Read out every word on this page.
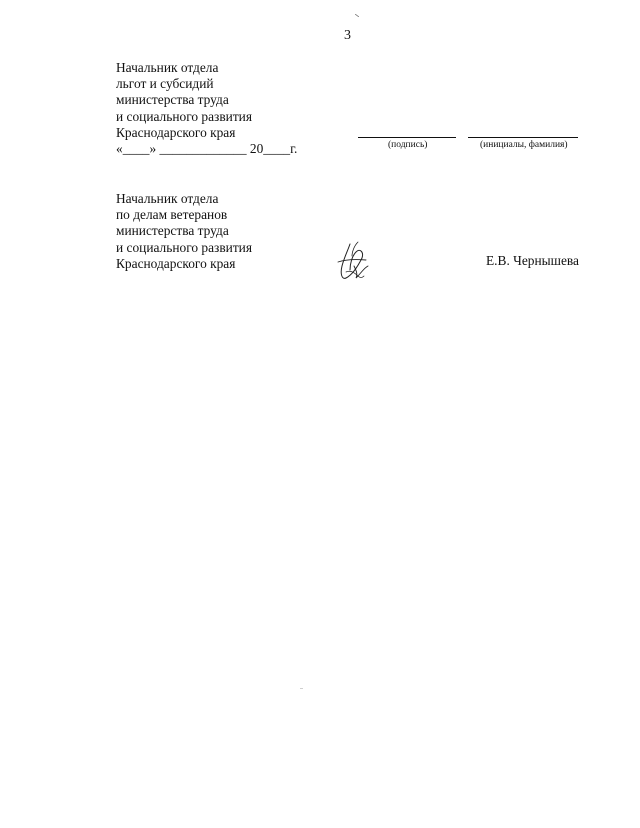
3
Начальник отдела
льгот и субсидий
министерства труда
и социального развития
Краснодарского края
«____» _____________ 20____г.	(подпись)	(инициалы, фамилия)
Начальник отдела
по делам ветеранов
министерства труда
и социального развития
Краснодарского края	Е.В. Чернышева
